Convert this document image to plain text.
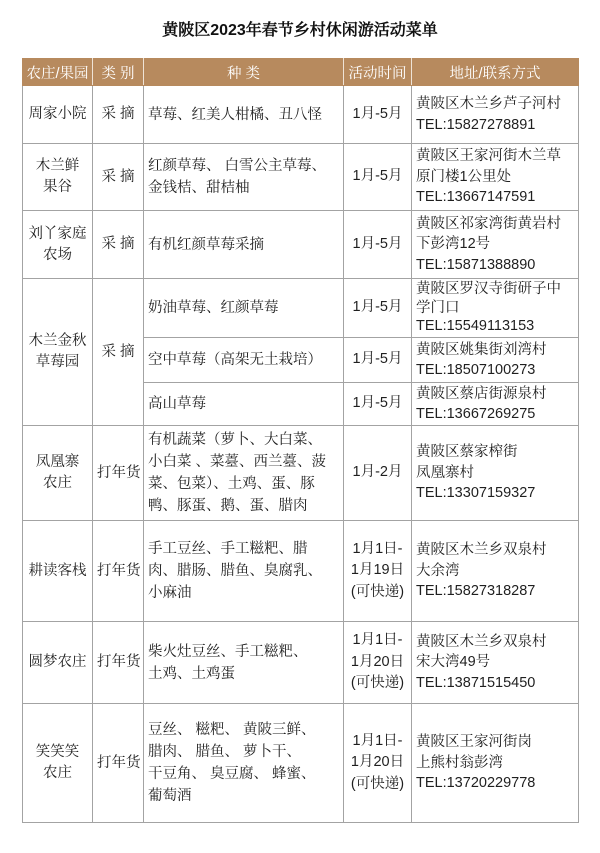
黄陂区2023年春节乡村休闲游活动菜单
农庄/果园	类 别	种 类	活动时间	地址/联系方式

周家小院	采 摘	草莓、红美人柑橘、丑八怪	1月-5月	黄陂区木兰乡芦子河村
TEL:15827278891

木兰鲜
果谷	采 摘	红颜草莓、 白雪公主草莓、
金钱桔、甜桔柚	1月-5月	黄陂区王家河街木兰草
原门楼1公里处
TEL:13667147591

刘丫家庭
农场	采 摘	有机红颜草莓采摘	1月-5月	黄陂区祁家湾街黄岩村
下彭湾12号
TEL:15871388890

木兰金秋
草莓园	采 摘	奶油草莓、红颜草莓	1月-5月	黄陂区罗汉寺街研子中
学门口
TEL:15549113153

		空中草莓（高架无土栽培）	1月-5月	黄陂区姚集街刘湾村
TEL:18507100273

		高山草莓	1月-5月	黄陂区蔡店街源泉村
TEL:13667269275

凤凰寨
农庄	打年货	有机蔬菜（萝卜、大白菜、
小白菜 、菜薹、西兰薹、菠
菜、包菜）、土鸡、蛋、豚
鸭、豚蛋、鹅、蛋、腊肉	1月-2月	黄陂区蔡家榨街
凤凰寨村
TEL:13307159327

耕读客栈	打年货	手工豆丝、手工糍粑、腊
肉、腊肠、腊鱼、臭腐乳、
小麻油	1月1日-
1月19日
(可快递)	黄陂区木兰乡双泉村
大余湾
TEL:15827318287

圆梦农庄	打年货	柴火灶豆丝、手工糍粑、
土鸡、土鸡蛋	1月1日-
1月20日
(可快递)	黄陂区木兰乡双泉村
宋大湾49号
TEL:13871515450

笑笑笑
农庄	打年货	豆丝、 糍粑、 黄陂三鲜、
腊肉、 腊鱼、 萝卜干、
干豆角、 臭豆腐、 蜂蜜、
葡萄酒	1月1日-
1月20日
(可快递)	黄陂区王家河街岗
上熊村翁彭湾
TEL:13720229778
